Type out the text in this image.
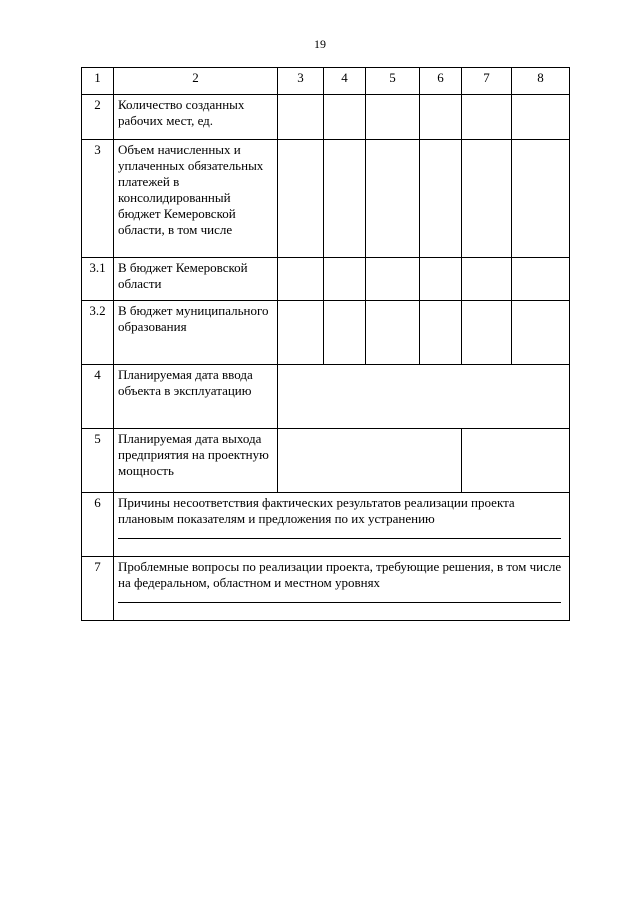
19
1	2	3	4	5	6	7	8
2	Количество созданных рабочих мест, ед.						
3	Объем начисленных и уплаченных обязательных платежей в консолидированный бюджет Кемеровской области, в том числе						
3.1	В бюджет Кемеровской области						
3.2	В бюджет муниципального образования						
4	Планируемая дата ввода объекта в эксплуатацию						
5	Планируемая дата выхода предприятия на проектную мощность						
6	Причины несоответствия фактических результатов реализации проекта плановым показателям и предложения по их устранению						

7	Проблемные вопросы по реализации проекта, требующие решения, в том числе на федеральном, областном и местном уровнях						
